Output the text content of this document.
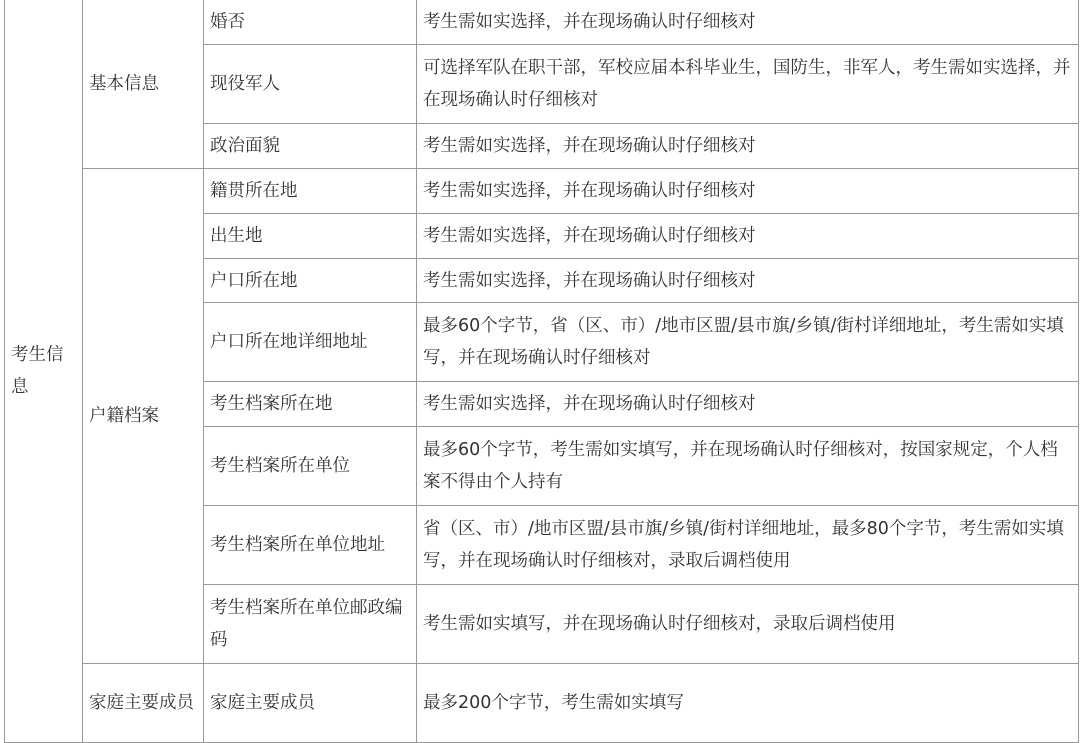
考生信息	基本信息	婚否	考生需如实选择，并在现场确认时仔细核对
		现役军人	可选择军队在职干部，军校应届本科毕业生，国防生，非军人，考生需如实选择，并在现场确认时仔细核对
		政治面貌	考生需如实选择，并在现场确认时仔细核对
	户籍档案	籍贯所在地	考生需如实选择，并在现场确认时仔细核对
		出生地	考生需如实选择，并在现场确认时仔细核对
		户口所在地	考生需如实选择，并在现场确认时仔细核对
		户口所在地详细地址	最多60个字节，省（区、市）/地市区盟/县市旗/乡镇/街村详细地址，考生需如实填写，并在现场确认时仔细核对
		考生档案所在地	考生需如实选择，并在现场确认时仔细核对
		考生档案所在单位	最多60个字节，考生需如实填写，并在现场确认时仔细核对，按国家规定，个人档案不得由个人持有
		考生档案所在单位地址	省（区、市）/地市区盟/县市旗/乡镇/街村详细地址，最多80个字节，考生需如实填写，并在现场确认时仔细核对，录取后调档使用
		考生档案所在单位邮政编码	考生需如实填写，并在现场确认时仔细核对，录取后调档使用
	家庭主要成员	家庭主要成员	最多200个字节，考生需如实填写
